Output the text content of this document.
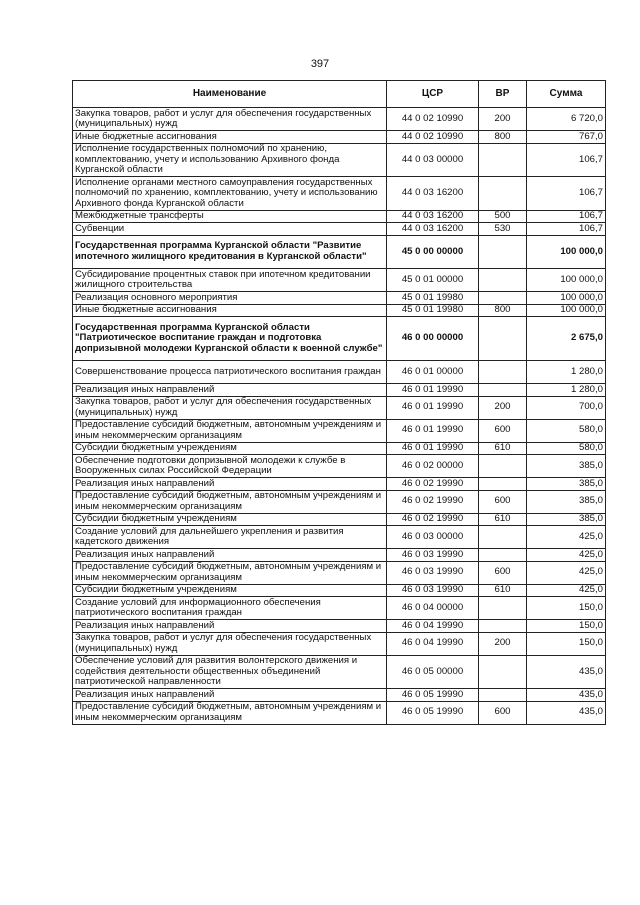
397
Наименование	ЦСР	ВР	Сумма
Закупка товаров, работ и услуг для обеспечения государственных (муниципальных) нужд	44 0 02 10990	200	6 720,0
Иные бюджетные ассигнования	44 0 02 10990	800	767,0
Исполнение государственных полномочий по хранению, комплектованию, учету и использованию Архивного фонда Курганской области	44 0 03 00000		106,7
Исполнение органами местного самоуправления государственных полномочий по хранению, комплектованию, учету и использованию Архивного фонда Курганской области	44 0 03 16200		106,7
Межбюджетные трансферты	44 0 03 16200	500	106,7
Субвенции	44 0 03 16200	530	106,7
Государственная программа Курганской области "Развитие ипотечного жилищного кредитования в Курганской области"	45 0 00 00000		100 000,0
Субсидирование процентных ставок при ипотечном кредитовании жилищного строительства	45 0 01 00000		100 000,0
Реализация основного мероприятия	45 0 01 19980		100 000,0
Иные бюджетные ассигнования	45 0 01 19980	800	100 000,0
Государственная программа Курганской области "Патриотическое воспитание граждан и подготовка допризывной молодежи Курганской области к военной службе"	46 0 00 00000		2 675,0
Совершенствование процесса патриотического воспитания граждан	46 0 01 00000		1 280,0
Реализация иных направлений	46 0 01 19990		1 280,0
Закупка товаров, работ и услуг для обеспечения государственных (муниципальных) нужд	46 0 01 19990	200	700,0
Предоставление субсидий бюджетным, автономным учреждениям и иным некоммерческим организациям	46 0 01 19990	600	580,0
Субсидии бюджетным учреждениям	46 0 01 19990	610	580,0
Обеспечение подготовки допризывной молодежи к службе в Вооруженных силах Российской Федерации	46 0 02 00000		385,0
Реализация иных направлений	46 0 02 19990		385,0
Предоставление субсидий бюджетным, автономным учреждениям и иным некоммерческим организациям	46 0 02 19990	600	385,0
Субсидии бюджетным учреждениям	46 0 02 19990	610	385,0
Создание условий для дальнейшего укрепления и развития кадетского движения	46 0 03 00000		425,0
Реализация иных направлений	46 0 03 19990		425,0
Предоставление субсидий бюджетным, автономным учреждениям и иным некоммерческим организациям	46 0 03 19990	600	425,0
Субсидии бюджетным учреждениям	46 0 03 19990	610	425,0
Создание условий для информационного обеспечения патриотического воспитания граждан	46 0 04 00000		150,0
Реализация иных направлений	46 0 04 19990		150,0
Закупка товаров, работ и услуг для обеспечения государственных (муниципальных) нужд	46 0 04 19990	200	150,0
Обеспечение условий для развития волонтерского движения и содействия деятельности общественных объединений патриотической направленности	46 0 05 00000		435,0
Реализация иных направлений	46 0 05 19990		435,0
Предоставление субсидий бюджетным, автономным учреждениям и иным некоммерческим организациям	46 0 05 19990	600	435,0
